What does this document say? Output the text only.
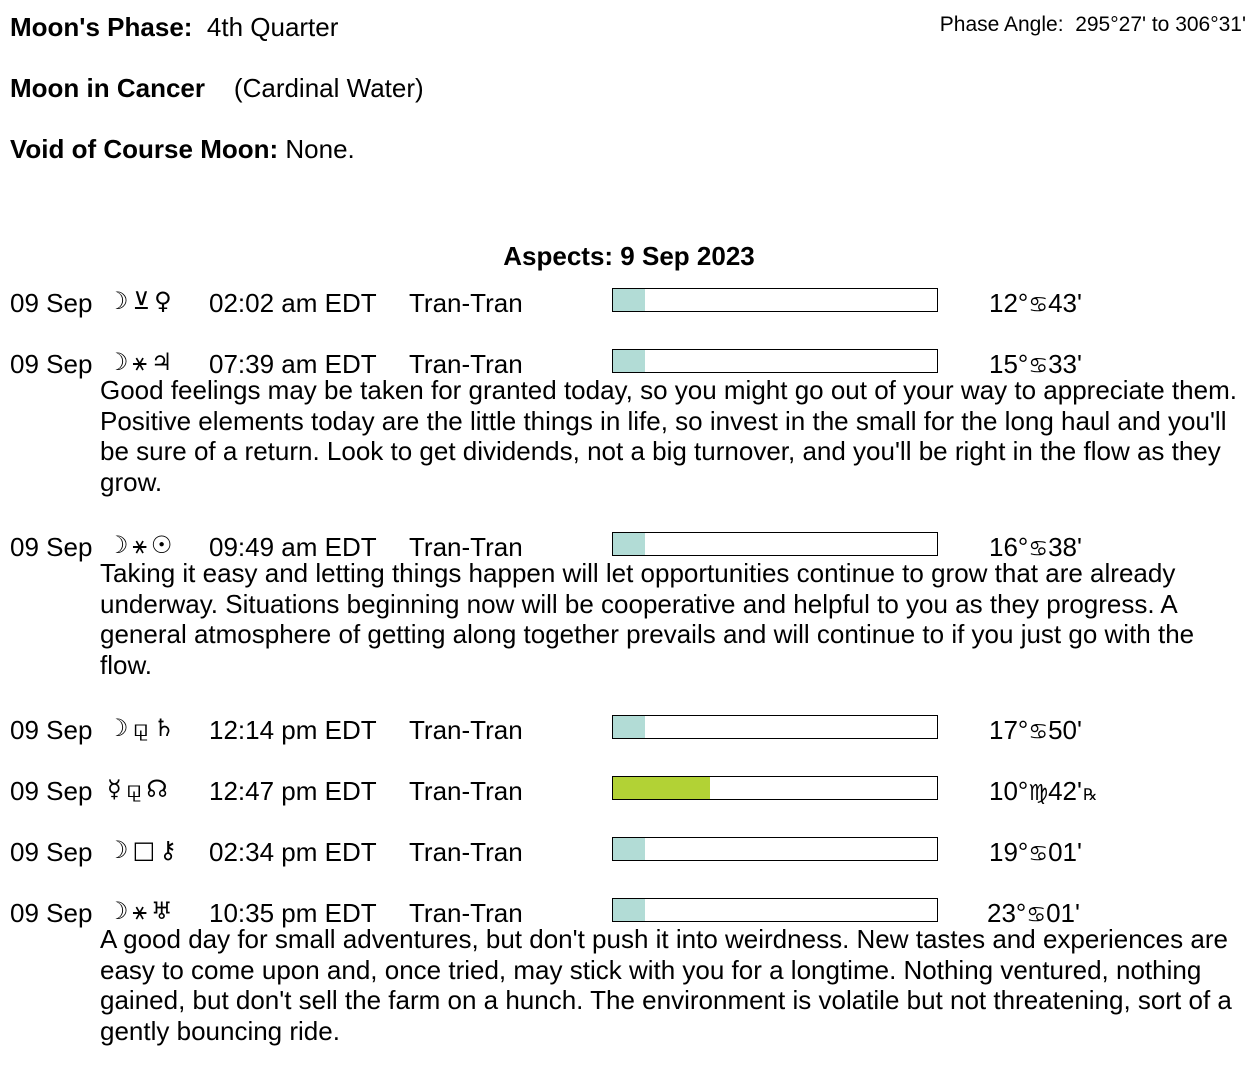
Moon's Phase: 4th Quarter	Phase Angle: 295°27' to 306°31'
Moon in Cancer (Cardinal Water)
Void of Course Moon: None.
Aspects: 9 Sep 2023
09 Sep ☽⊻♀ 02:02 am EDT Tran-Tran	12°♋43'
09 Sep ☽⚹♃ 07:39 am EDT Tran-Tran	15°♋33'
Good feelings may be taken for granted today, so you might go out of your way to appreciate them. Positive elements today are the little things in life, so invest in the small for the long haul and you'll be sure of a return. Look to get dividends, not a big turnover, and you'll be right in the flow as they grow.
09 Sep ☽⚹☉ 09:49 am EDT Tran-Tran	16°♋38'
Taking it easy and letting things happen will let opportunities continue to grow that are already underway. Situations beginning now will be cooperative and helpful to you as they progress. A general atmosphere of getting along together prevails and will continue to if you just go with the flow.
09 Sep ☽⚼♄ 12:14 pm EDT Tran-Tran	17°♋50'
09 Sep ☿⚼☊ 12:47 pm EDT Tran-Tran	10°♍42'℞
09 Sep ☽□⚷ 02:34 pm EDT Tran-Tran	19°♋01'
09 Sep ☽⚹♅ 10:35 pm EDT Tran-Tran	23°♋01'
A good day for small adventures, but don't push it into weirdness. New tastes and experiences are easy to come upon and, once tried, may stick with you for a longtime. Nothing ventured, nothing gained, but don't sell the farm on a hunch. The environment is volatile but not threatening, sort of a gently bouncing ride.
